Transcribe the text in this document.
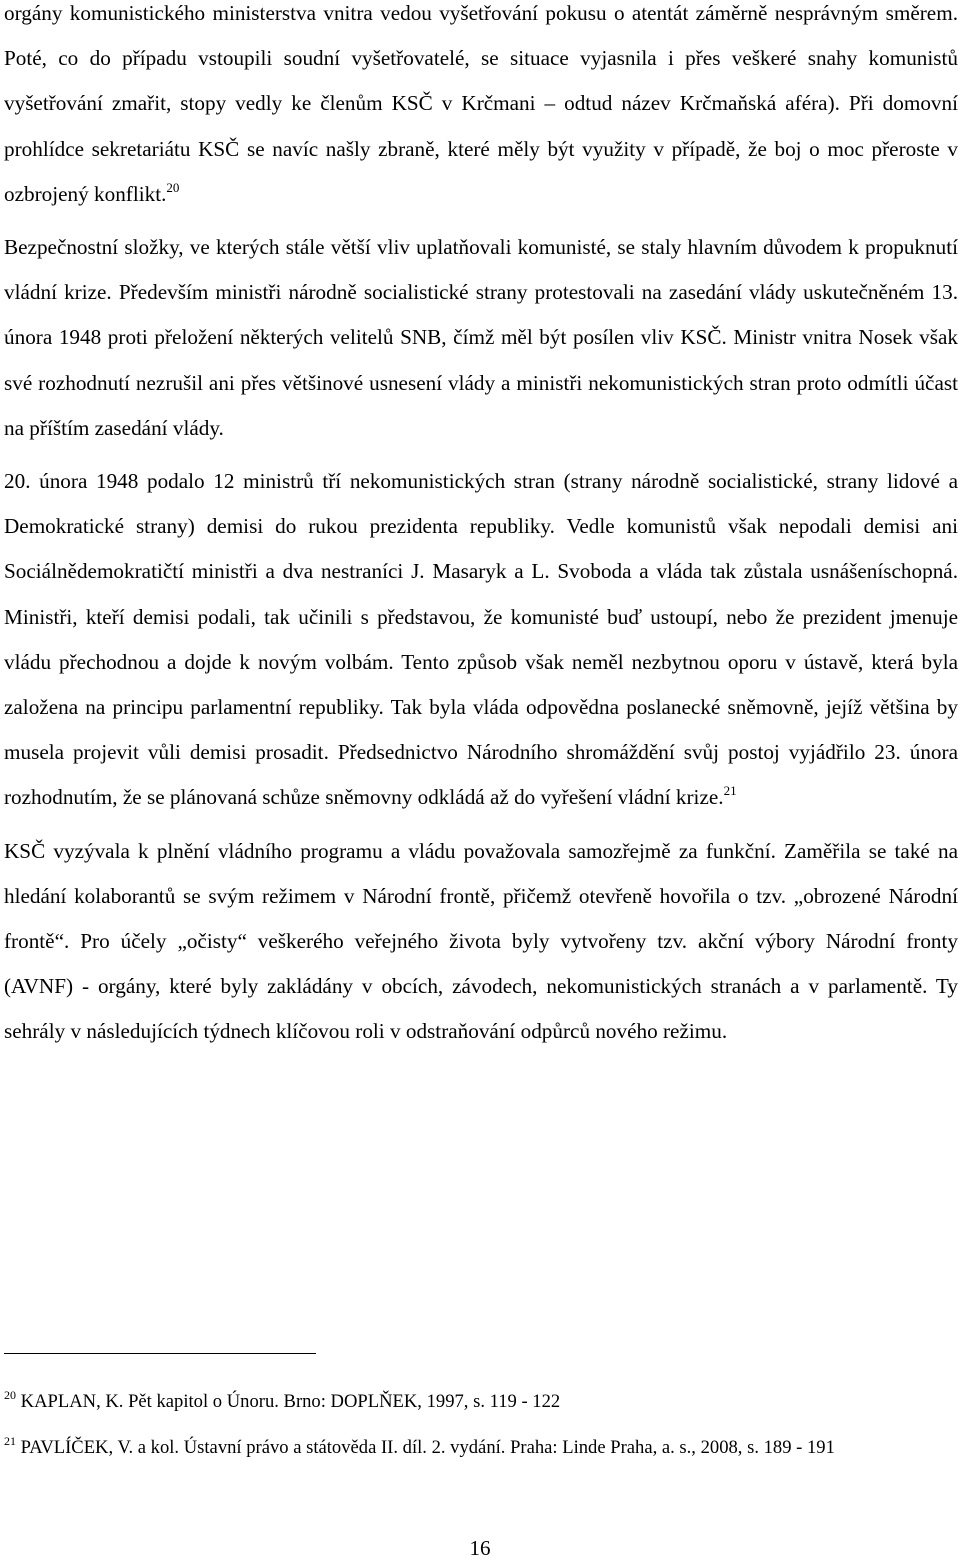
orgány komunistického ministerstva vnitra vedou vyšetřování pokusu o atentát záměrně nesprávným směrem. Poté, co do případu vstoupili soudní vyšetřovatelé, se situace vyjasnila i přes veškeré snahy komunistů vyšetřování zmařit, stopy vedly ke členům KSČ v Krčmani – odtud název Krčmaňská aféra). Při domovní prohlídce sekretariátu KSČ se navíc našly zbraně, které měly být využity v případě, že boj o moc přeroste v ozbrojený konflikt.$^{20}$

Bezpečnostní složky, ve kterých stále větší vliv uplatňovali komunisté, se staly hlavním důvodem k propuknutí vládní krize. Především ministři národně socialistické strany protestovali na zasedání vlády uskutečněném 13. února 1948 proti přeložení některých velitelů SNB, čímž měl být posílen vliv KSČ. Ministr vnitra Nosek však své rozhodnutí nezrušil ani přes většinové usnesení vlády a ministři nekomunistických stran proto odmítli účast na příštím zasedání vlády.

20. února 1948 podalo 12 ministrů tří nekomunistických stran (strany národně socialistické, strany lidové a Demokratické strany) demisi do rukou prezidenta republiky. Vedle komunistů však nepodali demisi ani Sociálnědemokratičtí ministři a dva nestraníci J. Masaryk a L. Svoboda a vláda tak zůstala usnášeníschopná. Ministři, kteří demisi podali, tak učinili s představou, že komunisté buď ustoupí, nebo že prezident jmenuje vládu přechodnou a dojde k novým volbám. Tento způsob však neměl nezbytnou oporu v ústavě, která byla založena na principu parlamentní republiky. Tak byla vláda odpovědna poslanecké sněmovně, jejíž většina by musela projevit vůli demisi prosadit. Předsednictvo Národního shromáždění svůj postoj vyjádřilo 23. února rozhodnutím, že se plánovaná schůze sněmovny odkládá až do vyřešení vládní krize.$^{21}$

KSČ vyzývala k plnění vládního programu a vládu považovala samozřejmě za funkční. Zaměřila se také na hledání kolaborantů se svým režimem v Národní frontě, přičemž otevřeně hovořila o tzv. „obrozené Národní frontě“. Pro účely „očisty“ veškerého veřejného života byly vytvořeny tzv. akční výbory Národní fronty (AVNF) - orgány, které byly zakládány v obcích, závodech, nekomunistických stranách a v parlamentě. Ty sehrály v následujících týdnech klíčovou roli v odstraňování odpůrců nového režimu.

$^{20}$ KAPLAN, K. Pět kapitol o Únoru. Brno: DOPLŇEK, 1997, s. 119 - 122

$^{21}$ PAVLÍČEK, V. a kol. Ústavní právo a státověda II. díl. 2. vydání. Praha: Linde Praha, a. s., 2008, s. 189 - 191

16
